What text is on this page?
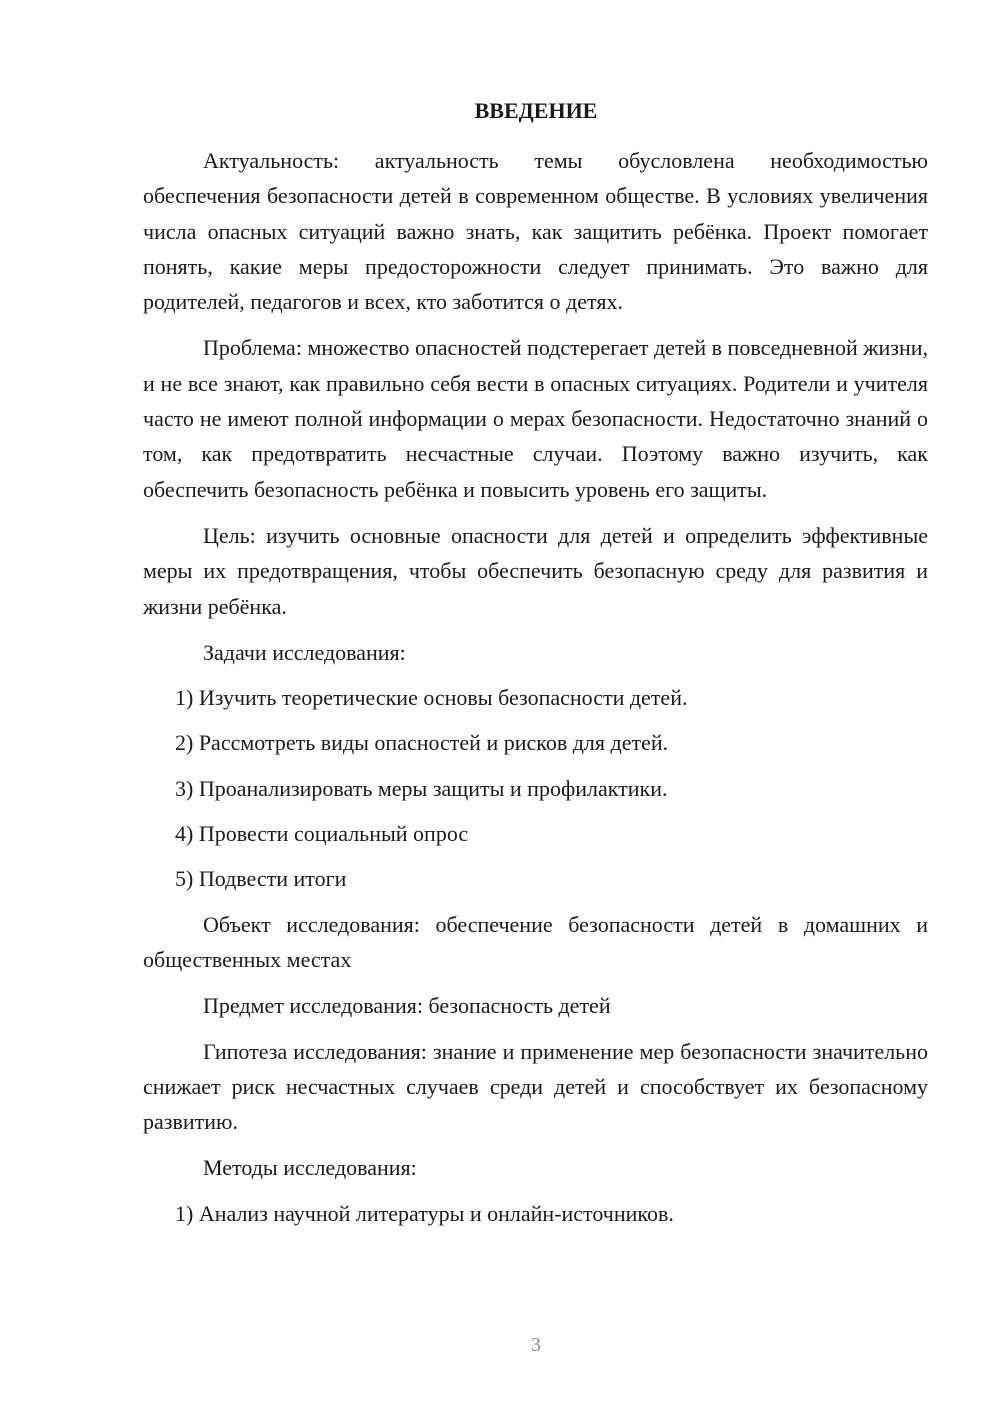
ВВЕДЕНИЕ

Актуальность: актуальность темы обусловлена необходимостью обеспечения безопасности детей в современном обществе. В условиях увеличения числа опасных ситуаций важно знать, как защитить ребёнка. Проект помогает понять, какие меры предосторожности следует принимать. Это важно для родителей, педагогов и всех, кто заботится о детях.

Проблема: множество опасностей подстерегает детей в повседневной жизни, и не все знают, как правильно себя вести в опасных ситуациях. Родители и учителя часто не имеют полной информации о мерах безопасности. Недостаточно знаний о том, как предотвратить несчастные случаи. Поэтому важно изучить, как обеспечить безопасность ребёнка и повысить уровень его защиты.

Цель: изучить основные опасности для детей и определить эффективные меры их предотвращения, чтобы обеспечить безопасную среду для развития и жизни ребёнка.

Задачи исследования:

1) Изучить теоретические основы безопасности детей.

2) Рассмотреть виды опасностей и рисков для детей.

3) Проанализировать меры защиты и профилактики.

4) Провести социальный опрос

5) Подвести итоги

Объект исследования: обеспечение безопасности детей в домашних и общественных местах

Предмет исследования: безопасность детей

Гипотеза исследования: знание и применение мер безопасности значительно снижает риск несчастных случаев среди детей и способствует их безопасному развитию.

Методы исследования:

1) Анализ научной литературы и онлайн-источников.

3
